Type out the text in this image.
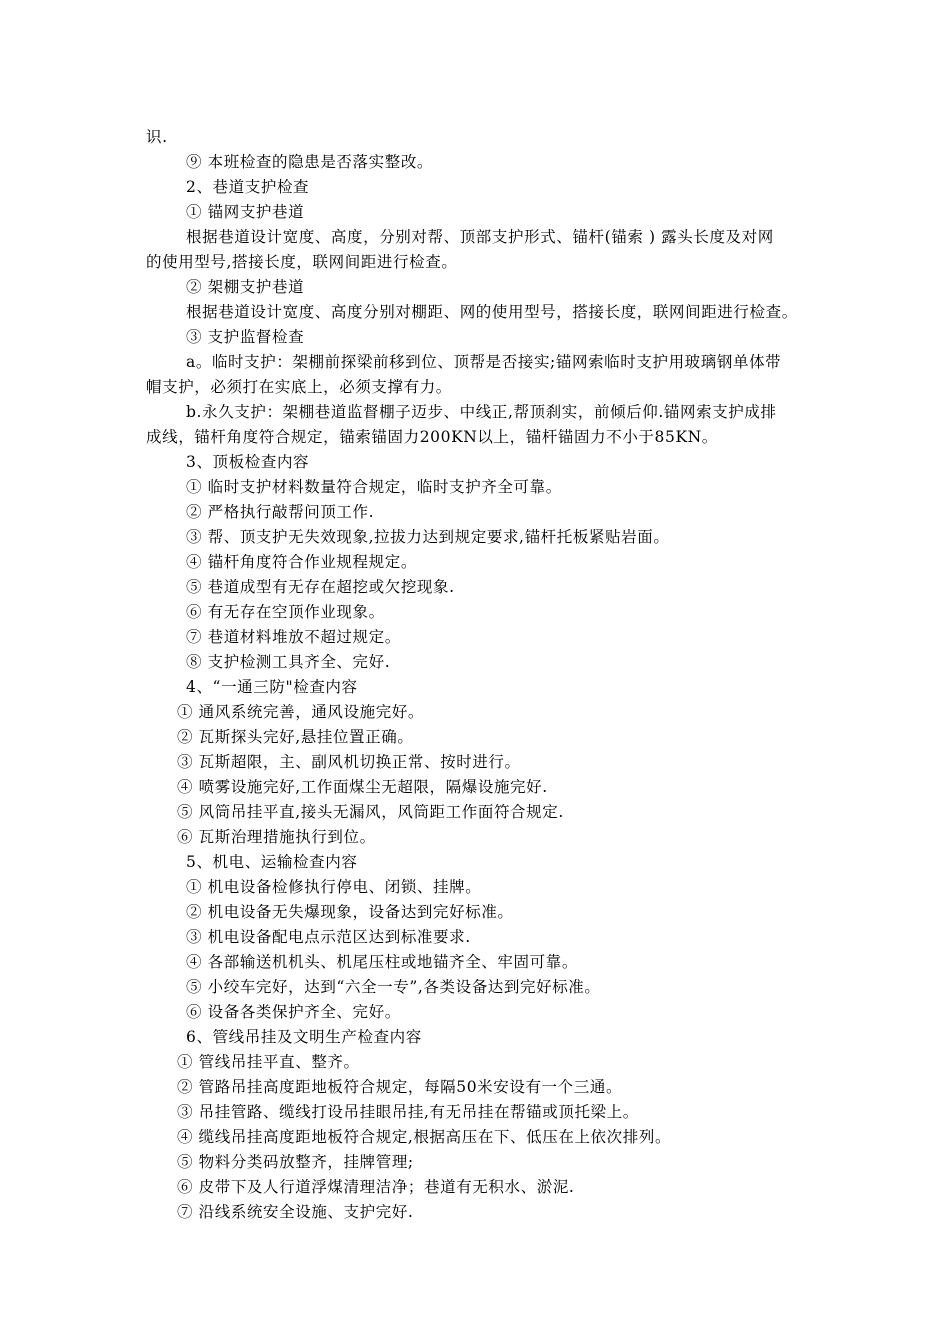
识.
⑨ 本班检查的隐患是否落实整改。
2、巷道支护检查
① 锚网支护巷道
根据巷道设计宽度、高度，分别对帮、顶部支护形式、锚杆(锚索 ) 露头长度及对网
的使用型号,搭接长度，联网间距进行检查。
② 架棚支护巷道
根据巷道设计宽度、高度分别对棚距、网的使用型号，搭接长度，联网间距进行检查。
③ 支护监督检查
a。临时支护：架棚前探梁前移到位、顶帮是否接实;锚网索临时支护用玻璃钢单体带
帽支护，必须打在实底上，必须支撑有力。
b.永久支护：架棚巷道监督棚子迈步、中线正,帮顶刹实，前倾后仰.锚网索支护成排
成线，锚杆角度符合规定，锚索锚固力200KN以上，锚杆锚固力不小于85KN。
3、顶板检查内容
① 临时支护材料数量符合规定，临时支护齐全可靠。
② 严格执行敲帮问顶工作.
③ 帮、顶支护无失效现象,拉拔力达到规定要求,锚杆托板紧贴岩面。
④ 锚杆角度符合作业规程规定。
⑤ 巷道成型有无存在超挖或欠挖现象.
⑥ 有无存在空顶作业现象。
⑦ 巷道材料堆放不超过规定。
⑧ 支护检测工具齐全、完好.
4、“一通三防"检查内容
① 通风系统完善，通风设施完好。
② 瓦斯探头完好,悬挂位置正确。
③ 瓦斯超限，主、副风机切换正常、按时进行。
④ 喷雾设施完好,工作面煤尘无超限，隔爆设施完好.
⑤ 风筒吊挂平直,接头无漏风，风筒距工作面符合规定.
⑥ 瓦斯治理措施执行到位。
5、机电、运输检查内容
① 机电设备检修执行停电、闭锁、挂牌。
② 机电设备无失爆现象，设备达到完好标准。
③ 机电设备配电点示范区达到标准要求.
④ 各部输送机机头、机尾压柱或地锚齐全、牢固可靠。
⑤ 小绞车完好，达到“六全一专”,各类设备达到完好标准。
⑥ 设备各类保护齐全、完好。
6、管线吊挂及文明生产检查内容
① 管线吊挂平直、整齐。
② 管路吊挂高度距地板符合规定，每隔50米安设有一个三通。
③ 吊挂管路、缆线打设吊挂眼吊挂,有无吊挂在帮锚或顶托梁上。
④ 缆线吊挂高度距地板符合规定,根据高压在下、低压在上依次排列。
⑤ 物料分类码放整齐，挂牌管理;
⑥ 皮带下及人行道浮煤清理洁净；巷道有无积水、淤泥.
⑦ 沿线系统安全设施、支护完好.
